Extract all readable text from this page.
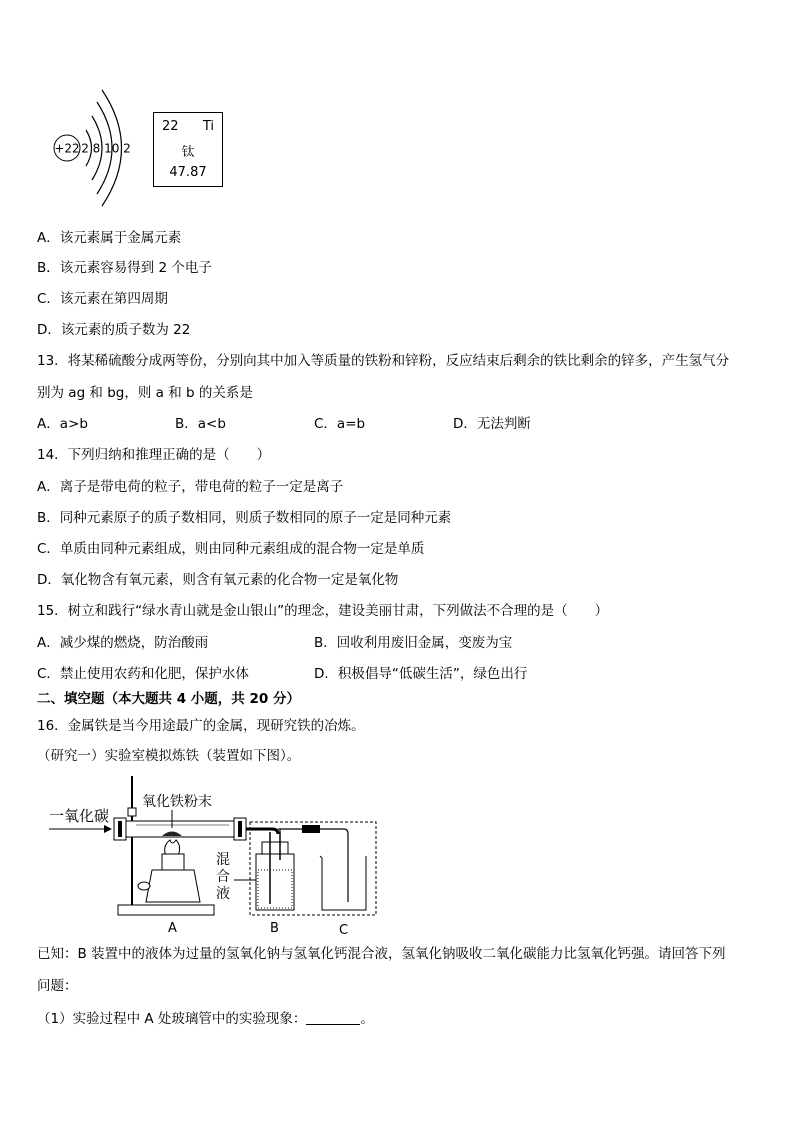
+22 2 8 10 2
22 Ti
钛
47.87
A．该元素属于金属元素
B．该元素容易得到 2 个电子
C．该元素在第四周期
D．该元素的质子数为 22
13．将某稀硫酸分成两等份，分别向其中加入等质量的铁粉和锌粉，反应结束后剩余的铁比剩余的锌多，产生氢气分
别为 ag 和 bg，则 a 和 b 的关系是
A．a>b	B．a<b	C．a=b	D．无法判断
14．下列归纳和推理正确的是（　　）
A．离子是带电荷的粒子，带电荷的粒子一定是离子
B．同种元素原子的质子数相同，则质子数相同的原子一定是同种元素
C．单质由同种元素组成，则由同种元素组成的混合物一定是单质
D．氧化物含有氧元素，则含有氧元素的化合物一定是氧化物
15．树立和践行“绿水青山就是金山银山”的理念，建设美丽甘肃，下列做法不合理的是（　　）
A．减少煤的燃烧，防治酸雨	B．回收利用废旧金属，变废为宝
C．禁止使用农药和化肥，保护水体	D．积极倡导“低碳生活”，绿色出行
二、填空题（本大题共 4 小题，共 20 分）
16．金属铁是当今用途最广的金属，现研究铁的冶炼。
（研究一）实验室模拟炼铁（装置如下图）。
一氧化碳
氧化铁粉末
混
合
液
A	B	C
已知：B 装置中的液体为过量的氢氧化钠与氢氧化钙混合液，氢氧化钠吸收二氧化碳能力比氢氧化钙强。请回答下列
问题：
（1）实验过程中 A 处玻璃管中的实验现象：	。
